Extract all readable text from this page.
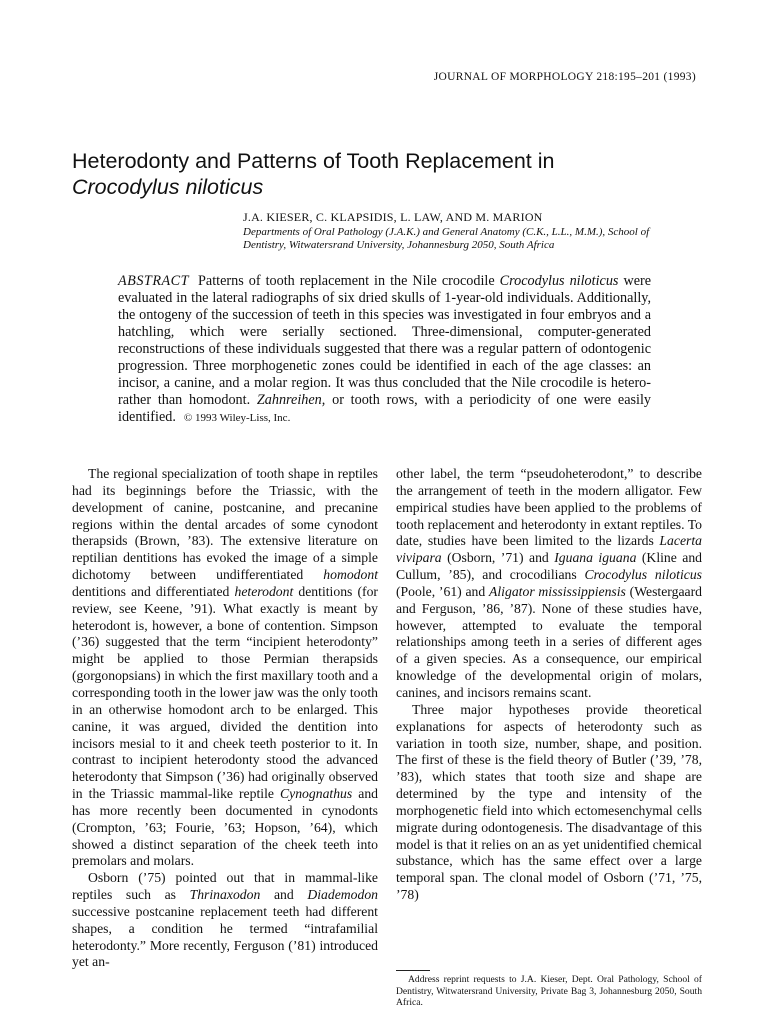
JOURNAL OF MORPHOLOGY 218:195–201 (1993)
Heterodonty and Patterns of Tooth Replacement in
Crocodylus niloticus
J.A. KIESER, C. KLAPSIDIS, L. LAW, AND M. MARION
Departments of Oral Pathology (J.A.K.) and General Anatomy (C.K., L.L., M.M.), School of Dentistry, Witwatersrand University, Johannesburg 2050, South Africa

ABSTRACT Patterns of tooth replacement in the Nile crocodile Crocodylus niloticus were evaluated in the lateral radiographs of six dried skulls of 1-year-old individuals. Additionally, the ontogeny of the succession of teeth in this species was investigated in four embryos and a hatchling, which were serially sectioned. Three-dimensional, computer-generated reconstructions of these individuals suggested that there was a regular pattern of odontogenic progression. Three morphogenetic zones could be identified in each of the age classes: an incisor, a canine, and a molar region. It was thus concluded that the Nile crocodile is hetero- rather than homodont. Zahnreihen, or tooth rows, with a periodicity of one were easily identified. © 1993 Wiley-Liss, Inc.

The regional specialization of tooth shape in reptiles had its beginnings before the Triassic, with the development of canine, postcanine, and precanine regions within the dental arcades of some cynodont therapsids (Brown, ’83). The extensive literature on reptilian dentitions has evoked the image of a simple dichotomy between undifferentiated homodont dentitions and differentiated heterodont dentitions (for review, see Keene, ’91). What exactly is meant by heterodont is, however, a bone of contention. Simpson (’36) suggested that the term “incipient heterodonty” might be applied to those Permian therapsids (gorgonopsians) in which the first maxillary tooth and a corresponding tooth in the lower jaw was the only tooth in an otherwise homodont arch to be enlarged. This canine, it was argued, divided the dentition into incisors mesial to it and cheek teeth posterior to it. In contrast to incipient heterodonty stood the advanced heterodonty that Simpson (’36) had originally observed in the Triassic mammal-like reptile Cynognathus and has more recently been documented in cynodonts (Crompton, ’63; Fourie, ’63; Hopson, ’64), which showed a distinct separation of the cheek teeth into premolars and molars.

Osborn (’75) pointed out that in mammal-like reptiles such as Thrinaxodon and Diademodon successive postcanine replacement teeth had different shapes, a condition he termed “intrafamilial heterodonty.” More recently, Ferguson (’81) introduced yet an-

other label, the term “pseudoheterodont,” to describe the arrangement of teeth in the modern alligator. Few empirical studies have been applied to the problems of tooth replacement and heterodonty in extant reptiles. To date, studies have been limited to the lizards Lacerta vivipara (Osborn, ’71) and Iguana iguana (Kline and Cullum, ’85), and crocodilians Crocodylus niloticus (Poole, ’61) and Aligator mississippiensis (Westergaard and Ferguson, ’86, ’87). None of these studies have, however, attempted to evaluate the temporal relationships among teeth in a series of different ages of a given species. As a consequence, our empirical knowledge of the developmental origin of molars, canines, and incisors remains scant.

Three major hypotheses provide theoretical explanations for aspects of heterodonty such as variation in tooth size, number, shape, and position. The first of these is the field theory of Butler (’39, ’78, ’83), which states that tooth size and shape are determined by the type and intensity of the morphogenetic field into which ectomesenchymal cells migrate during odontogenesis. The disadvantage of this model is that it relies on an as yet unidentified chemical substance, which has the same effect over a large temporal span. The clonal model of Osborn (’71, ’75, ’78)

Address reprint requests to J.A. Kieser, Dept. Oral Pathology, School of Dentistry, Witwatersrand University, Private Bag 3, Johannesburg 2050, South Africa.
